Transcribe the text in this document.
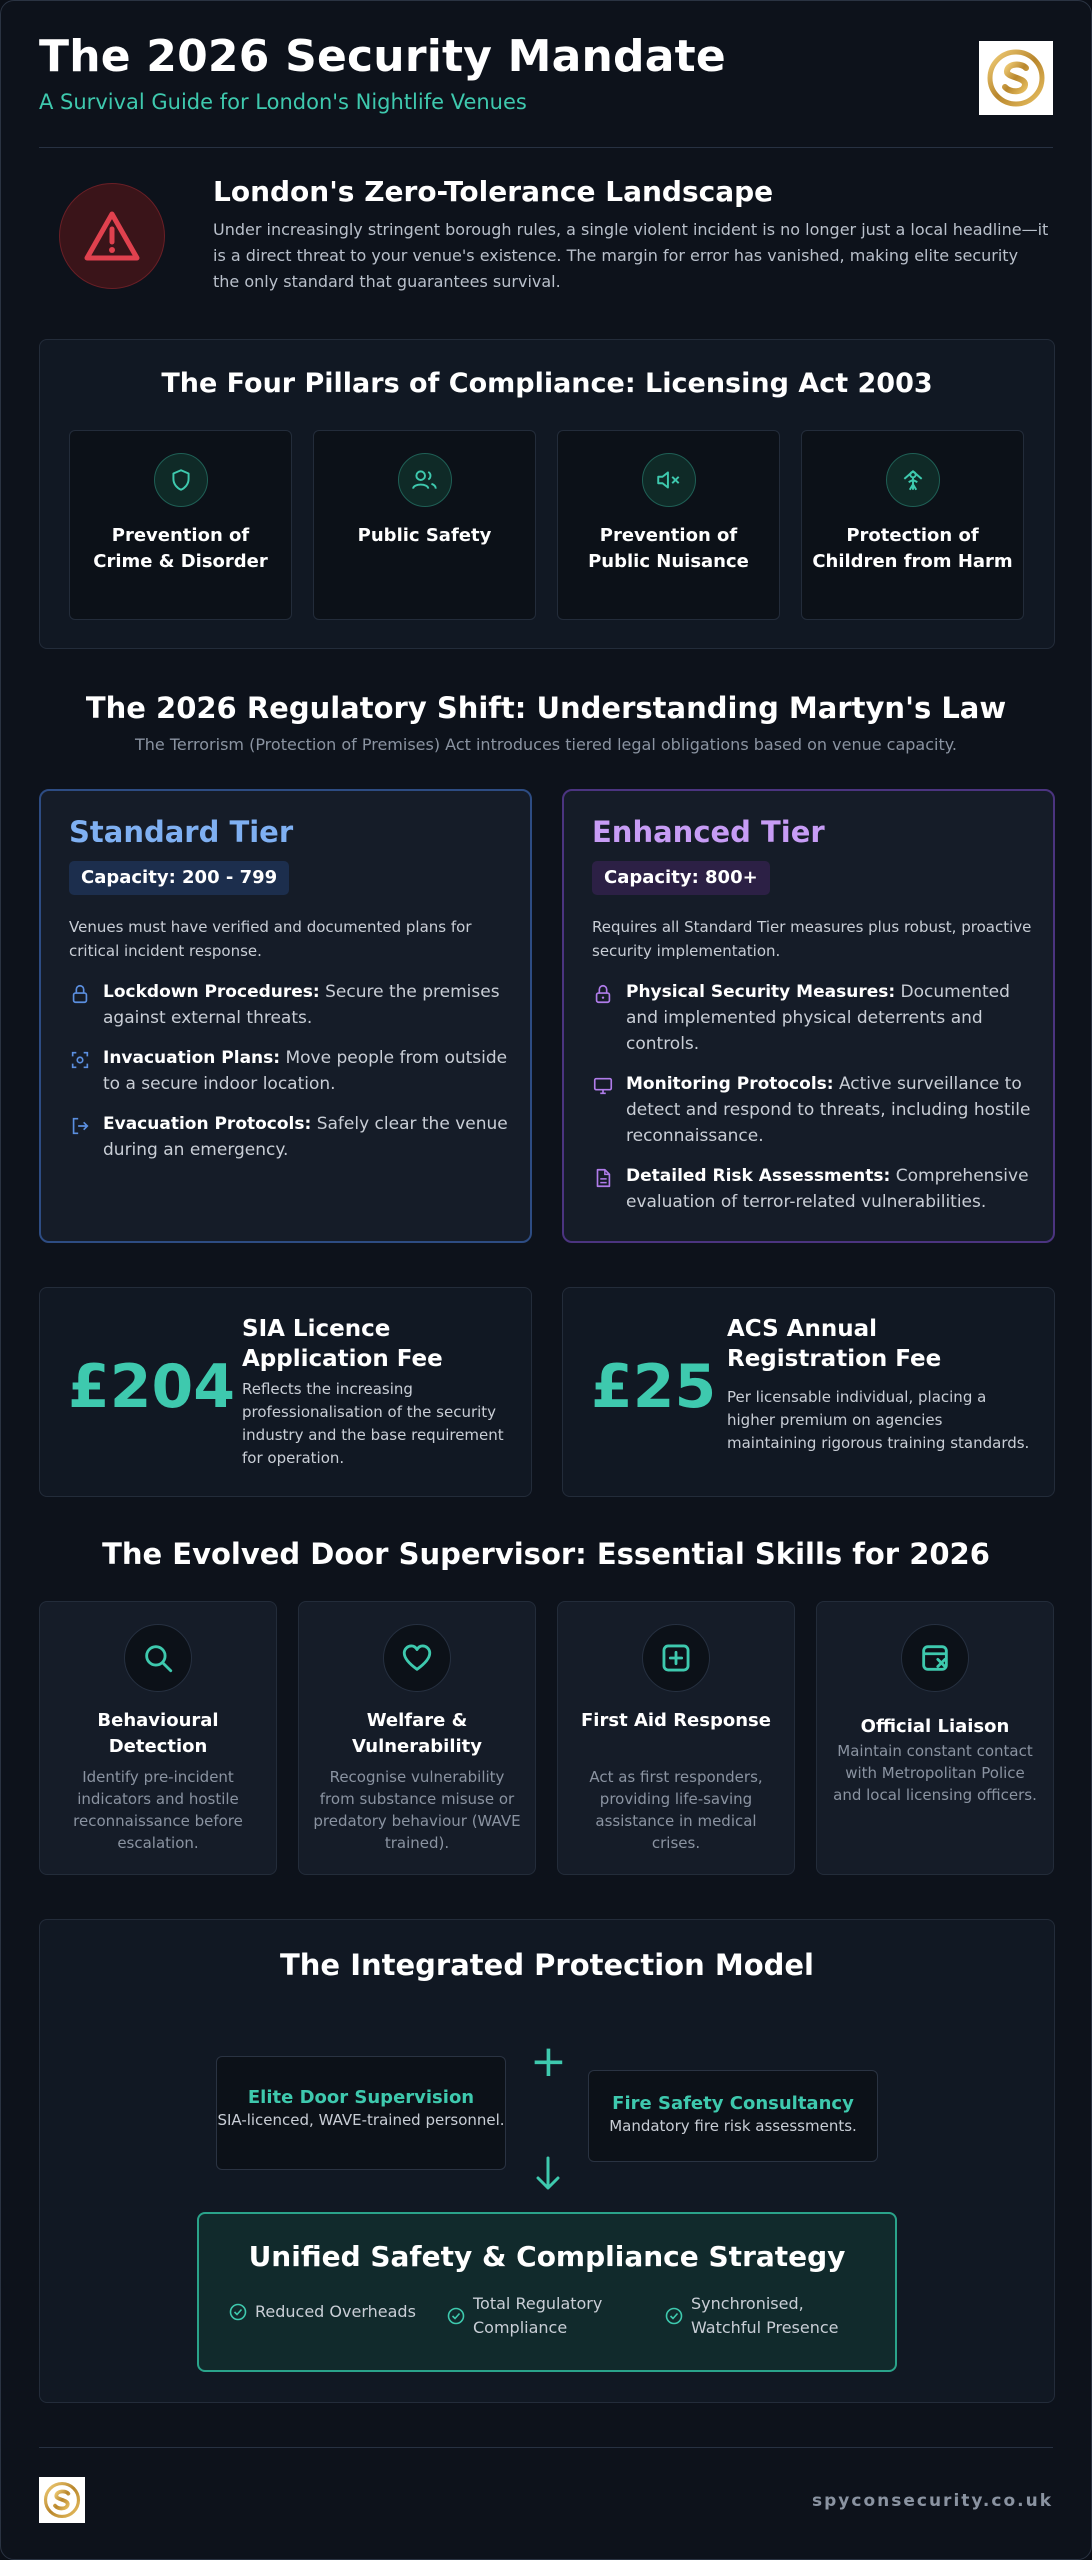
The 2026 Security Mandate
A Survival Guide for London's Nightlife Venues
London's Zero-Tolerance Landscape
Under increasingly stringent borough rules, a single violent incident is no longer just a local headline—it is a direct threat to your venue's existence. The margin for error has vanished, making elite security the only standard that guarantees survival.
The Four Pillars of Compliance: Licensing Act 2003
Prevention of Crime & Disorder
Public Safety	Prevention of Public Nuisance
Protection of Children from Harm
The 2026 Regulatory Shift: Understanding Martyn's Law
The Terrorism (Protection of Premises) Act introduces tiered legal obligations based on venue capacity.
Standard Tier
Capacity: 200 - 799
Venues must have verified and documented plans for critical incident response.
Lockdown Procedures: Secure the premises against external threats.
Invacuation Plans: Move people from outside to a secure indoor location.
Evacuation Protocols: Safely clear the venue during an emergency.
Enhanced Tier
Capacity: 800+
Requires all Standard Tier measures plus robust, proactive security implementation.
Physical Security Measures: Documented and implemented physical deterrents and controls.
Monitoring Protocols: Active surveillance to detect and respond to threats, including hostile reconnaissance.
Detailed Risk Assessments: Comprehensive evaluation of terror-related vulnerabilities.
£204
SIA Licence Application Fee
Reflects the increasing professionalisation of the security industry and the base requirement for operation.
£25
ACS Annual Registration Fee
Per licensable individual, placing a higher premium on agencies maintaining rigorous training standards.
The Evolved Door Supervisor: Essential Skills for 2026
Behavioural Detection
Identify pre-incident indicators and hostile reconnaissance before escalation.
Welfare & Vulnerability
Recognise vulnerability from substance misuse or predatory behaviour (WAVE trained).
First Aid Response
Act as first responders, providing life-saving assistance in medical crises.
Official Liaison
Maintain constant contact with Metropolitan Police and local licensing officers.
The Integrated Protection Model
Elite Door Supervision
SIA-licenced, WAVE-trained personnel.
+
Fire Safety Consultancy
Mandatory fire risk assessments.
Unified Safety & Compliance Strategy
Reduced Overheads	Total Regulatory Compliance
Synchronised, Watchful Presence
spyconsecurity.co.uk
